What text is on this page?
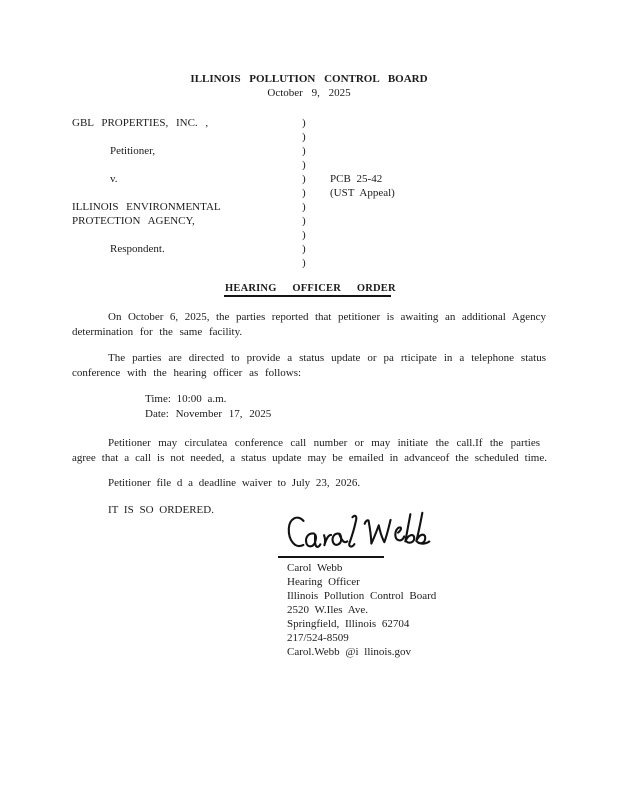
ILLINOIS POLLUTION CONTROL BOARD
October 9, 2025
GBL PROPERTIES, INC. ,
Petitioner,
v.
ILLINOIS ENVIRONMENTAL
PROTECTION AGENCY,
Respondent.
)
)
)
)
)
)
)
)
)
)
)
PCB 25-42
(UST Appeal)
HEARING OFFICER ORDER
On October 6, 2025, the parties reported that petitioner is awaiting an additional Agency
determination for the same facility.
The parties are directed to provide a status update or pa rticipate in a telephone status
conference with the hearing officer as follows:
Time: 10:00 a.m.
Date: November 17, 2025
Petitioner may circulatea conference call number or may initiate the call.If the parties
agree that a call is not needed, a status update may be emailed in advanceof the scheduled time.
Petitioner file d a deadline waiver to July 23, 2026.
IT IS SO ORDERED.
Carol Webb
Hearing Officer
Illinois Pollution Control Board
2520 W.Iles Ave.
Springfield, Illinois 62704
217/524-8509
Carol.Webb @i llinois.gov
